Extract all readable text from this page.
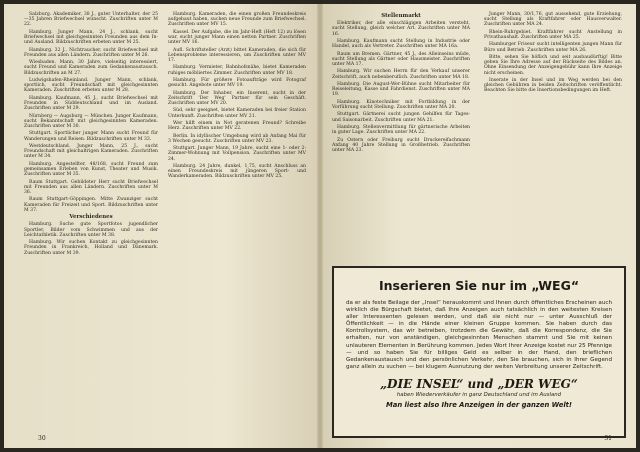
Salzburg. Akademiker, 38 J., guter Unterhalter, der 25—35 Jahren Briefwechsel wünscht. Zuschriften unter M 22.

Hamburg. Junger Mann, 24 J., schlank, sucht Briefwechsel mit gleichgesinnten Freunden aus dem In- und Ausland. Bildzuschriften erbeten unter M 25.

Hamburg. 32 J., Nichtraucher, sucht Briefwechsel mit Freunden aus allen Ländern. Zuschriften unter M 26.

Wiesbaden. Mann, 30 Jahre, vielseitig interessiert, sucht Freund und Kameraden zum Gedankenaustausch. Bildzuschriften an M 27.

Ludwigshafen-Rheinland. Junger Mann, schlank, sportlich, sucht Freundschaft mit gleichgesinnten Kameraden. Zuschriften erbeten unter M 28.

Hamburg. Kaufmann, 45 J., sucht Briefwechsel mit Freunden in Süddeutschland und im Ausland. Zuschriften unter M 29.

Nürnberg — Augsburg — München. Junger Kaufmann, sucht Bekanntschaft mit gleichgesinnten Kameraden. Zuschriften unter M 30.

Stuttgart. Sportlicher junger Mann sucht Freund für Wanderungen und Reisen. Bildzuschriften unter M 33.

Westdeutschland. Junger Mann, 25 J., sucht Freundschaft mit gleichaltrigen Kameraden. Zuschriften unter M 34.

Hamburg. Angestellter, 48/168, sucht Freund zum gemeinsamen Erleben von Kunst, Theater und Musik. Zuschriften unter M 35.

Raum Stuttgart. Gebildeter Herr sucht Briefwechsel mit Freunden aus allen Ländern. Zuschriften unter M 36.

Raum Stuttgart-Göppingen. Mitte Zwanziger sucht Kameraden für Freizeit und Sport. Bildzuschriften unter M 37.

Verschiedenes

Hamburg. Suche gute Sportfotos jugendlicher Sportler, Bilder vom Schwimmen und aus der Leichtathletik. Zuschriften unter M 38.

Hamburg. Wir suchen Kontakt zu gleichgesinnten Freunden in Frankreich, Holland und Dänemark. Zuschriften unter M 39.

Hamburg. Kameraden, die einen großen Freundeskreis aufgebaut haben, suchen neue Freunde zum Briefwechsel. Zuschriften unter MV 15.

Kassel. Der Aufgabe, die im Jahr-Heft (Heft 12) zu lösen war, sucht junger Mann einen netten Partner. Zuschriften unter MV 16.

Aufl. Schriftsteller (Arzt) bittet Kameraden, die sich für Lebensprobleme interessieren, um Zuschriften unter MV 17.

Hamburg. Vermieter, Bahnhofsnähe, bietet Kameraden ruhiges möbliertes Zimmer. Zuschriften unter MV 18.

Hamburg. Für größere Fotoaufträge wird Fotograf gesucht. Angebote unter MV 19.

Hamburg. Der Inhaber, ein Inserent, sucht in der Zeitschrift 'Der Weg' Partner für sein Geschäft. Zuschriften unter MV 20.

Süd, sehr geeignet, bietet Kameraden bei freier Station Unterkunft. Zuschriften unter MV 21.

Wer hilft einem in Not geratenen Freund? Schreibe Herz. Zuschriften unter MV 22.

Berlin. In idyllischer Umgebung wird ab Anfang Mai für 3 Wochen gesucht. Zuschriften unter MV 23.

Stuttgart. Junger Mann, 19 Jahre, sucht eine 1- oder 2-Zimmer-Wohnung mit Vollpension. Zuschriften unter MV 24.

Hamburg. 24 Jahre, dunkel, 1,75, sucht Anschluss an einen Freundeskreis mit jüngeren Sport- und Wanderkameraden. Bildzuschriften unter MV 25.

30
Stellenmarkt

Elektriker, der alle einschlägigen Arbeiten versteht, sucht Stellung, gleich welcher Art. Zuschriften unter MA 16.

Hamburg. Kaufmann sucht Stellung in Industrie oder Handel, auch als Vertreter. Zuschriften unter MA 16a.

Raum um Bremen. Gärtner, 45 J., des Alleinseins müde, sucht Stellung als Gärtner oder Hausmeister. Zuschriften unter MA 17.

Hamburg. Wir suchen Herrn für den Verkauf unserer Zeitschrift, auch nebenberuflich. Zuschriften unter MA 18.

Hamburg. Die August-Wer-Bühne sucht Mitarbeiter für Reiseleitung, Kasse und Fahrdienst. Zuschriften unter MA 19.

Hamburg. Kinotechniker mit Fortbildung in der Vorführung sucht Stellung. Zuschriften unter MA 20.

Stuttgart. Gärtnerei sucht jungen Gehilfen für Tages- und Saisonarbeit. Zuschriften unter MA 21.

Hamburg. Stellenvermittlung für gärtnerische Arbeiten in guter Lage. Zuschriften unter MA 22.

Zu Ostern oder Freiburg sucht Druckereifachmann Anfang 40 Jahre Stellung in Großbetrieb. Zuschriften unter MA 23.

Junger Mann, 30/1,76, gut aussehend, gute Erziehung, sucht Stellung als Kraftfahrer oder Hausverwalter. Zuschriften unter MA 24.

Rhein-Ruhrgebiet. Kraftfahrer sucht Anstellung in Privathaushalt. Zuschriften unter MA 25.

Hamburger Friseur sucht intelligenten jungen Mann für Büro und Betrieb. Zuschriften unter MA 26.

Bitte, sehen Sie höflich und seit ausbaudürftig! Bitte geben Sie Ihre Adresse auf der Rückseite des Bildes an. Ohne Einsendung der Anzeigengebühr kann Ihre Anzeige nicht erscheinen.

Inserate in der Insel und im Weg werden bei den gleichen Gebühren in beiden Zeitschriften veröffentlicht. Beachten Sie bitte die Insertionsbedingungen im Heft.

Inserieren Sie nur im „WEG“

da er als feste Beilage der „Insel“ herauskommt und Ihnen durch öffentliches Erscheinen auch wirklich die Bürgschaft bietet, daß Ihre Anzeigen auch tatsächlich in den weitesten Kreisen aller Interessenten gelesen werden, und daß sie nicht nur — unter Ausschluß der Öffentlichkeit — in die Hände einer kleinen Gruppe kommen. Sie haben durch das Kontrollsystem, das wir betreiben, trotzdem die Gewähr, daß die Korrespondenz, die Sie erhalten, nur von anständigen, gleichgesinnten Menschen stammt und Sie mit keinen unlauteren Elementen in Berührung kommen. Jedes Wort Ihrer Anzeige kostet nur 25 Pfennige — und so haben Sie für billiges Geld es selber in der Hand, den brieflichen Gedankenaustausch und den persönlichen Verkehr, den Sie brauchen, sich in Ihrer Gegend ganz allein zu suchen — bei klugem Ausnutzung der weiten Verbreitung unserer Zeitschrift.

„DIE INSEL“ und „DER WEG“
haben Wiederverkäufer in ganz Deutschland und im Ausland
Man liest also Ihre Anzeigen in der ganzen Welt!
31
